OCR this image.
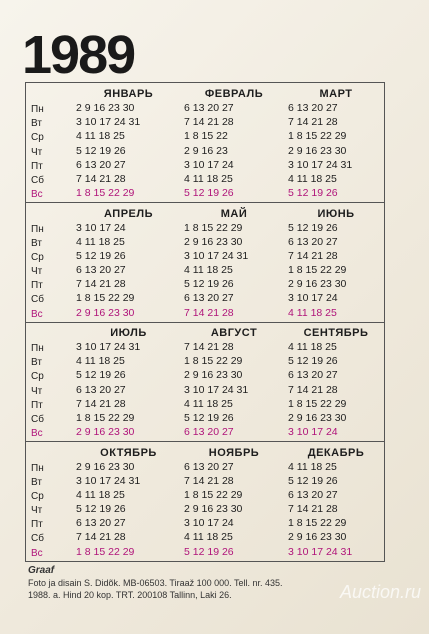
1989
Пн
Вт
Ср
Чт
Пт
Сб
Вс
ЯНВАРЬ
2 9 16 23 30
3 10 17 24 31
4 11 18 25
5 12 19 26
6 13 20 27
7 14 21 28
1 8 15 22 29
ФЕВРАЛЬ
6 13 20 27
7 14 21 28
1 8 15 22
2 9 16 23
3 10 17 24
4 11 18 25
5 12 19 26
МАРТ
6 13 20 27
7 14 21 28
1 8 15 22 29
2 9 16 23 30
3 10 17 24 31
4 11 18 25
5 12 19 26
Пн
Вт
Ср
Чт
Пт
Сб
Вс
АПРЕЛЬ
3 10 17 24
4 11 18 25
5 12 19 26
6 13 20 27
7 14 21 28
1 8 15 22 29
2 9 16 23 30
МАЙ
1 8 15 22 29
2 9 16 23 30
3 10 17 24 31
4 11 18 25
5 12 19 26
6 13 20 27
7 14 21 28
ИЮНЬ
5 12 19 26
6 13 20 27
7 14 21 28
1 8 15 22 29
2 9 16 23 30
3 10 17 24
4 11 18 25
Пн
Вт
Ср
Чт
Пт
Сб
Вс
ИЮЛЬ
3 10 17 24 31
4 11 18 25
5 12 19 26
6 13 20 27
7 14 21 28
1 8 15 22 29
2 9 16 23 30
АВГУСТ
7 14 21 28
1 8 15 22 29
2 9 16 23 30
3 10 17 24 31
4 11 18 25
5 12 19 26
6 13 20 27
СЕНТЯБРЬ
4 11 18 25
5 12 19 26
6 13 20 27
7 14 21 28
1 8 15 22 29
2 9 16 23 30
3 10 17 24
Пн
Вт
Ср
Чт
Пт
Сб
Вс
ОКТЯБРЬ
2 9 16 23 30
3 10 17 24 31
4 11 18 25
5 12 19 26
6 13 20 27
7 14 21 28
1 8 15 22 29
НОЯБРЬ
6 13 20 27
7 14 21 28
1 8 15 22 29
2 9 16 23 30
3 10 17 24
4 11 18 25
5 12 19 26
ДЕКАБРЬ
4 11 18 25
5 12 19 26
6 13 20 27
7 14 21 28
1 8 15 22 29
2 9 16 23 30
3 10 17 24 31
Graaf
Foto ja disain S. Didõk. MB-06503. Tiraaž 100 000. Tell. nr. 435.
1988. a. Hind 20 kop. TRT. 200108 Tallinn, Laki 26.	Auction.ru
